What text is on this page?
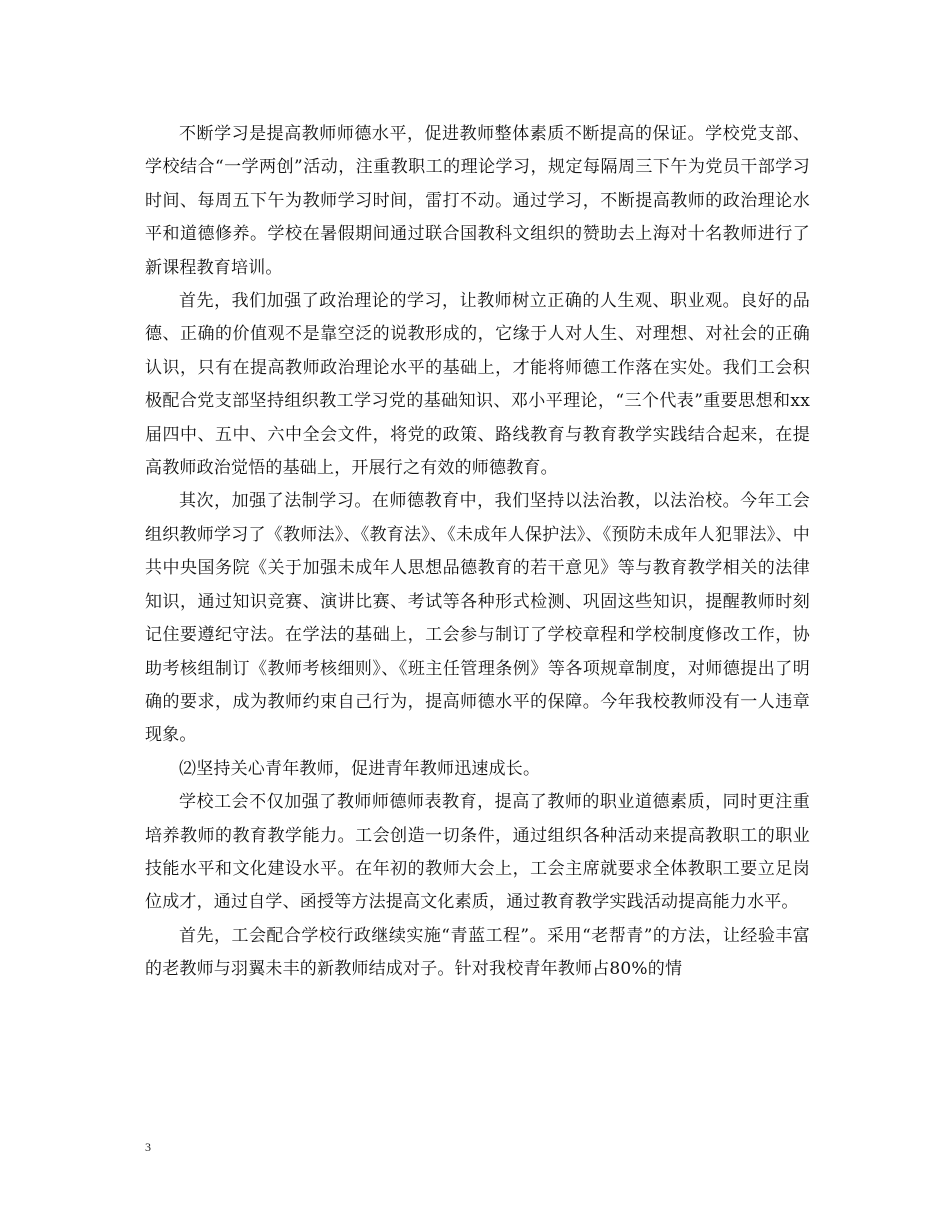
不断学习是提高教师师德水平，促进教师整体素质不断提高的保证。学校党支部、学校结合“一学两创”活动，注重教职工的理论学习，规定每隔周三下午为党员干部学习时间、每周五下午为教师学习时间，雷打不动。通过学习，不断提高教师的政治理论水平和道德修养。学校在暑假期间通过联合国教科文组织的赞助去上海对十名教师进行了新课程教育培训。

首先，我们加强了政治理论的学习，让教师树立正确的人生观、职业观。良好的品德、正确的价值观不是靠空泛的说教形成的，它缘于人对人生、对理想、对社会的正确认识，只有在提高教师政治理论水平的基础上，才能将师德工作落在实处。我们工会积极配合党支部坚持组织教工学习党的基础知识、邓小平理论，“三个代表”重要思想和xx届四中、五中、六中全会文件，将党的政策、路线教育与教育教学实践结合起来，在提高教师政治觉悟的基础上，开展行之有效的师德教育。

其次，加强了法制学习。在师德教育中，我们坚持以法治教，以法治校。今年工会组织教师学习了《教师法》、《教育法》、《未成年人保护法》、《预防未成年人犯罪法》、中共中央国务院《关于加强未成年人思想品德教育的若干意见》等与教育教学相关的法律知识，通过知识竞赛、演讲比赛、考试等各种形式检测、巩固这些知识，提醒教师时刻记住要遵纪守法。在学法的基础上，工会参与制订了学校章程和学校制度修改工作，协助考核组制订《教师考核细则》、《班主任管理条例》等各项规章制度，对师德提出了明确的要求，成为教师约束自己行为，提高师德水平的保障。今年我校教师没有一人违章现象。

⑵坚持关心青年教师，促进青年教师迅速成长。

学校工会不仅加强了教师师德师表教育，提高了教师的职业道德素质，同时更注重培养教师的教育教学能力。工会创造一切条件，通过组织各种活动来提高教职工的职业技能水平和文化建设水平。在年初的教师大会上，工会主席就要求全体教职工要立足岗位成才，通过自学、函授等方法提高文化素质，通过教育教学实践活动提高能力水平。

首先，工会配合学校行政继续实施“青蓝工程”。采用“老帮青”的方法，让经验丰富的老教师与羽翼未丰的新教师结成对子。针对我校青年教师占80%的情

3
